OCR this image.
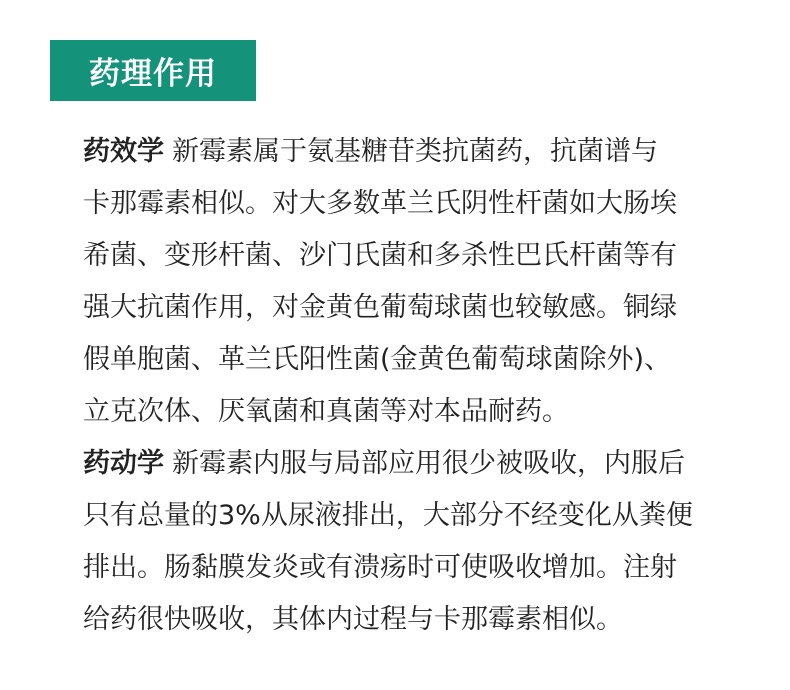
药理作用
药效学 新霉素属于氨基糖苷类抗菌药，抗菌谱与
卡那霉素相似。对大多数革兰氏阴性杆菌如大肠埃
希菌、变形杆菌、沙门氏菌和多杀性巴氏杆菌等有
强大抗菌作用，对金黄色葡萄球菌也较敏感。铜绿
假单胞菌、革兰氏阳性菌(金黄色葡萄球菌除外)、
立克次体、厌氧菌和真菌等对本品耐药。
药动学 新霉素内服与局部应用很少被吸收，内服后
只有总量的3%从尿液排出，大部分不经变化从粪便
排出。肠黏膜发炎或有溃疡时可使吸收增加。注射
给药很快吸收，其体内过程与卡那霉素相似。
